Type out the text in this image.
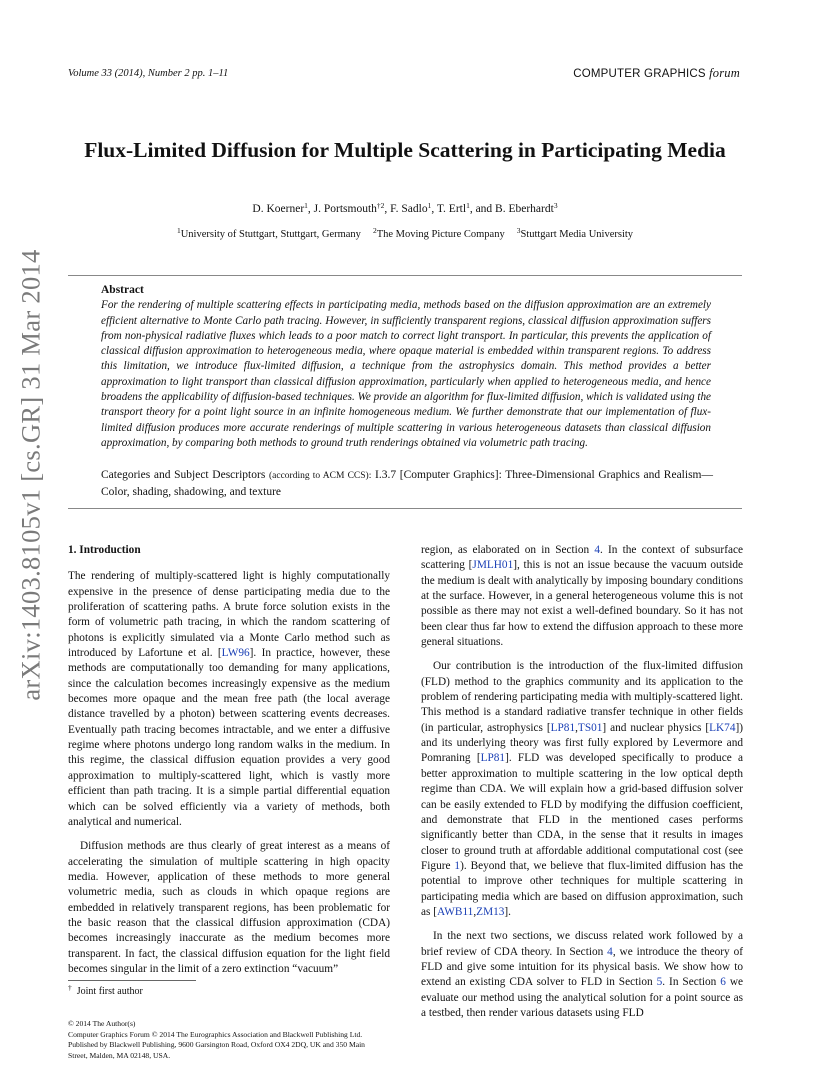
Volume 33 (2014), Number 2 pp. 1–11	COMPUTER GRAPHICS forum
arXiv:1403.8105v1 [cs.GR] 31 Mar 2014
Flux-Limited Diffusion for Multiple Scattering in Participating Media
D. Koerner$^1$, J. Portsmouth$^{\dagger 2}$, F. Sadlo$^1$, T. Ertl$^1$, and B. Eberhardt$^3$
$^1$University of Stuttgart, Stuttgart, Germany $^2$The Moving Picture Company $^3$Stuttgart Media University
Abstract
For the rendering of multiple scattering effects in participating media, methods based on the diffusion approximation are an extremely efficient alternative to Monte Carlo path tracing. However, in sufficiently transparent regions, classical diffusion approximation suffers from non-physical radiative fluxes which leads to a poor match to correct light transport. In particular, this prevents the application of classical diffusion approximation to heterogeneous media, where opaque material is embedded within transparent regions. To address this limitation, we introduce flux-limited diffusion, a technique from the astrophysics domain. This method provides a better approximation to light transport than classical diffusion approximation, particularly when applied to heterogeneous media, and hence broadens the applicability of diffusion-based techniques. We provide an algorithm for flux-limited diffusion, which is validated using the transport theory for a point light source in an infinite homogeneous medium. We further demonstrate that our implementation of flux-limited diffusion produces more accurate renderings of multiple scattering in various heterogeneous datasets than classical diffusion approximation, by comparing both methods to ground truth renderings obtained via volumetric path tracing.
Categories and Subject Descriptors (according to ACM CCS): I.3.7 [Computer Graphics]: Three-Dimensional Graphics and Realism—Color, shading, shadowing, and texture
1. Introduction

The rendering of multiply-scattered light is highly computationally expensive in the presence of dense participating media due to the proliferation of scattering paths. A brute force solution exists in the form of volumetric path tracing, in which the random scattering of photons is explicitly simulated via a Monte Carlo method such as introduced by Lafortune et al. [LW96]. In practice, however, these methods are computationally too demanding for many applications, since the calculation becomes increasingly expensive as the medium becomes more opaque and the mean free path (the local average distance travelled by a photon) between scattering events decreases. Eventually path tracing becomes intractable, and we enter a diffusive regime where photons undergo long random walks in the medium. In this regime, the classical diffusion equation provides a very good approximation to multiply-scattered light, which is vastly more efficient than path tracing. It is a simple partial differential equation which can be solved efficiently via a variety of methods, both analytical and numerical.

Diffusion methods are thus clearly of great interest as a means of accelerating the simulation of multiple scattering in high opacity media. However, application of these methods to more general volumetric media, such as clouds in which opaque regions are embedded in relatively transparent regions, has been problematic for the basic reason that the classical diffusion approximation (CDA) becomes increasingly inaccurate as the medium becomes more transparent. In fact, the classical diffusion equation for the light field becomes singular in the limit of a zero extinction “vacuum”

region, as elaborated on in Section 4. In the context of subsurface scattering [JMLH01], this is not an issue because the vacuum outside the medium is dealt with analytically by imposing boundary conditions at the surface. However, in a general heterogeneous volume this is not possible as there may not exist a well-defined boundary. So it has not been clear thus far how to extend the diffusion approach to these more general situations.

Our contribution is the introduction of the flux-limited diffusion (FLD) method to the graphics community and its application to the problem of rendering participating media with multiply-scattered light. This method is a standard radiative transfer technique in other fields (in particular, astrophysics [LP81,TS01] and nuclear physics [LK74]) and its underlying theory was first fully explored by Levermore and Pomraning [LP81]. FLD was developed specifically to produce a better approximation to multiple scattering in the low optical depth regime than CDA. We will explain how a grid-based diffusion solver can be easily extended to FLD by modifying the diffusion coefficient, and demonstrate that FLD in the mentioned cases performs significantly better than CDA, in the sense that it results in images closer to ground truth at affordable additional computational cost (see Figure 1). Beyond that, we believe that flux-limited diffusion has the potential to improve other techniques for multiple scattering in participating media which are based on diffusion approximation, such as [AWB11,ZM13].

In the next two sections, we discuss related work followed by a brief review of CDA theory. In Section 4, we introduce the theory of FLD and give some intuition for its physical basis. We show how to extend an existing CDA solver to FLD in Section 5. In Section 6 we evaluate our method using the analytical solution for a point source as a testbed, then render various datasets using FLD

† Joint first author
© 2014 The Author(s)
Computer Graphics Forum © 2014 The Eurographics Association and Blackwell Publishing Ltd. Published by Blackwell Publishing, 9600 Garsington Road, Oxford OX4 2DQ, UK and 350 Main Street, Malden, MA 02148, USA.
